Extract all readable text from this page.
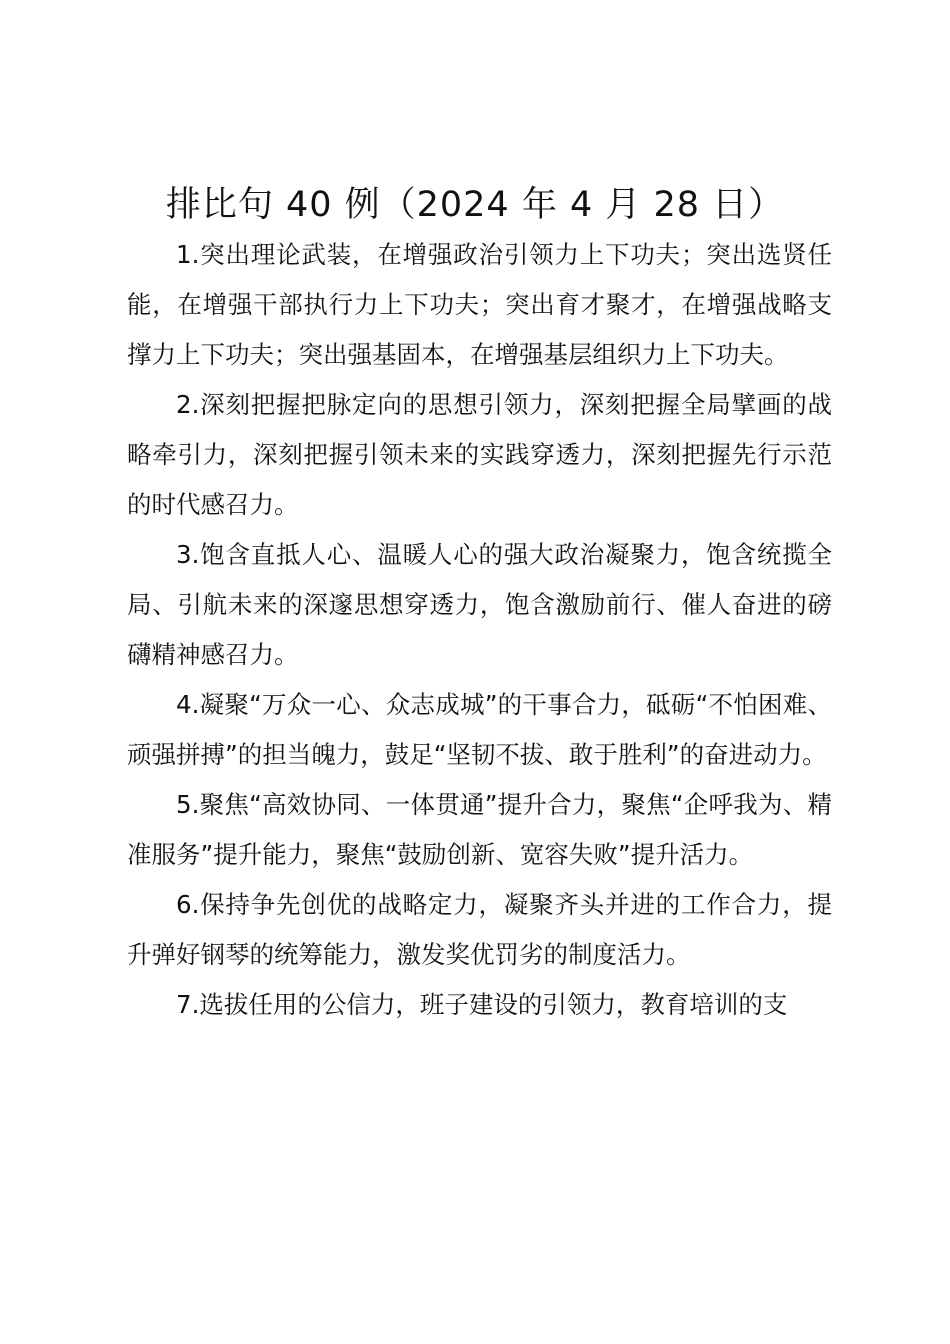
排比句 40 例（2024 年 4 月 28 日）

1.突出理论武装，在增强政治引领力上下功夫；突出选贤任能，在增强干部执行力上下功夫；突出育才聚才，在增强战略支撑力上下功夫；突出强基固本，在增强基层组织力上下功夫。

2.深刻把握把脉定向的思想引领力，深刻把握全局擘画的战略牵引力，深刻把握引领未来的实践穿透力，深刻把握先行示范的时代感召力。

3.饱含直抵人心、温暖人心的强大政治凝聚力，饱含统揽全局、引航未来的深邃思想穿透力，饱含激励前行、催人奋进的磅礴精神感召力。

4.凝聚“万众一心、众志成城”的干事合力，砥砺“不怕困难、顽强拼搏”的担当魄力，鼓足“坚韧不拔、敢于胜利”的奋进动力。

5.聚焦“高效协同、一体贯通”提升合力，聚焦“企呼我为、精准服务”提升能力，聚焦“鼓励创新、宽容失败”提升活力。

6.保持争先创优的战略定力，凝聚齐头并进的工作合力，提升弹好钢琴的统筹能力，激发奖优罚劣的制度活力。

7.选拔任用的公信力，班子建设的引领力，教育培训的支
